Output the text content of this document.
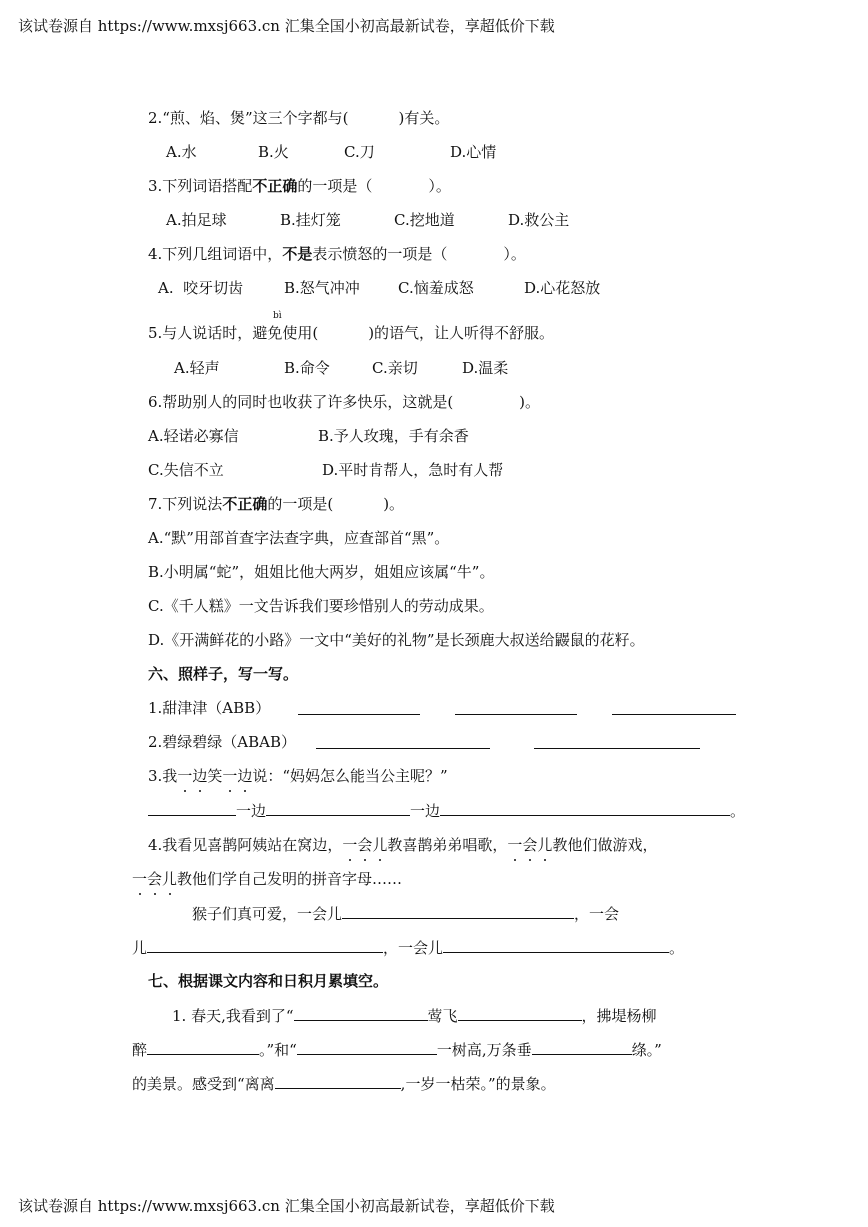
该试卷源自 https://www.mxsj663.cn 汇集全国小初高最新试卷，享超低价下载
2.“煎、焰、煲”这三个字都与(	)有关。
A.水	B.火	C.刀	D.心情
3.下列词语搭配不正确的一项是（	）。
A.拍足球	B.挂灯笼	C.挖地道	D.救公主
4.下列几组词语中，不是表示愤怒的一项是（	）。
A.  咬牙切齿	B.怒气冲冲	C.恼羞成怒	D.心花怒放
bì
5.与人说话时，避免使用(	)的语气，让人听得不舒服。
A.轻声	B.命令	C.亲切	D.温柔
6.帮助别人的同时也收获了许多快乐，这就是(	)。
A.轻诺必寡信	B.予人玫瑰，手有余香
C.失信不立	D.平时肯帮人，急时有人帮
7.下列说法不正确的一项是(	)。
A.“默”用部首查字法查字典，应查部首“黑”。
B.小明属“蛇”，姐姐比他大两岁，姐姐应该属“牛”。
C.《千人糕》一文告诉我们要珍惜别人的劳动成果。
D.《开满鲜花的小路》一文中“美好的礼物”是长颈鹿大叔送给鼹鼠的花籽。
六、照样子，写一写。
1.甜津津（ABB）
2.碧绿碧绿（ABAB）
3.我一边笑一边说：“妈妈怎么能当公主呢？”
一边	一边	。
4.我看见喜鹊阿姨站在窝边，一会儿教喜鹊弟弟唱歌，一会儿教他们做游戏，
一会儿教他们学自己发明的拼音字母……
猴子们真可爱，一会儿	，一会
儿	，一会儿	。
七、根据课文内容和日积月累填空。
1. 春天,我看到了“	莺飞	，拂堤杨柳
醉	。”和“	一树高,万条垂	绦。”
的美景。感受到“离离	,一岁一枯荣。”的景象。
该试卷源自 https://www.mxsj663.cn 汇集全国小初高最新试卷，享超低价下载
